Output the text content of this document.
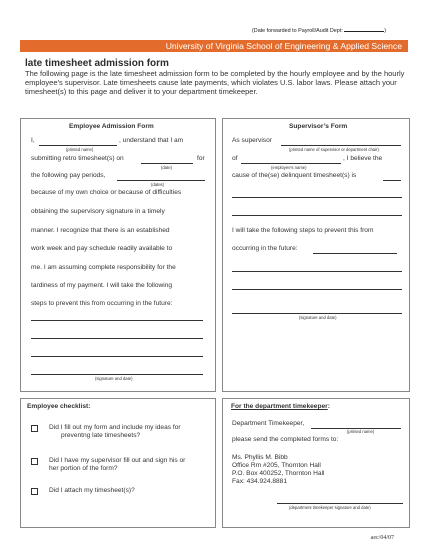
(Date forwarded to Payroll/Audit Dept:	)
University of Virginia School of Engineering & Applied Science
late timesheet admission form
The following page is the late timesheet admission form to be completed by the hourly employee and by the hourly employee’s supervisor. Late timesheets cause late payments, which violates U.S. labor laws. Please attach your timesheet(s) to this page and deliver it to your department timekeeper.
Employee Admission Form
I,	, understand that I am
(printed name)
submitting retro timesheet(s) on	for
(date)
the following pay periods,
(dates)
because of my own choice or because of difficulties
obtaining the supervisory signature in a timely
manner. I recognize that there is an established
work week and pay schedule readily available to
me. I am assuming complete responsibility for the
tardiness of my payment. I will take the following
steps to prevent this from occurring in the future:
(signature and date)
Supervisor’s Form
As supervisor
(printed name of supervisor or department chair)
of	, I believe the
(employee’s name)
cause of the(se) delinquent timesheet(s) is
I will take the following steps to prevent this from
occurring in the future:
(signature and date)
Employee checklist:
Did I fill out my form and include my ideas for
preventng late timesheets?
Did I have my supervisor fill out and sign his or
her portion of the form?
Did I attach my timesheet(s)?
For the department timekeeper:
Department Timekeeper,
(printed name)
please send the completed forms to:
Ms. Phyllis M. Bibb
Office Rm #205, Thornton Hall
P.O. Box 400252, Thornton Hall
Fax: 434.924.8881
(department timekeeper signature and date)
aec/04/07
